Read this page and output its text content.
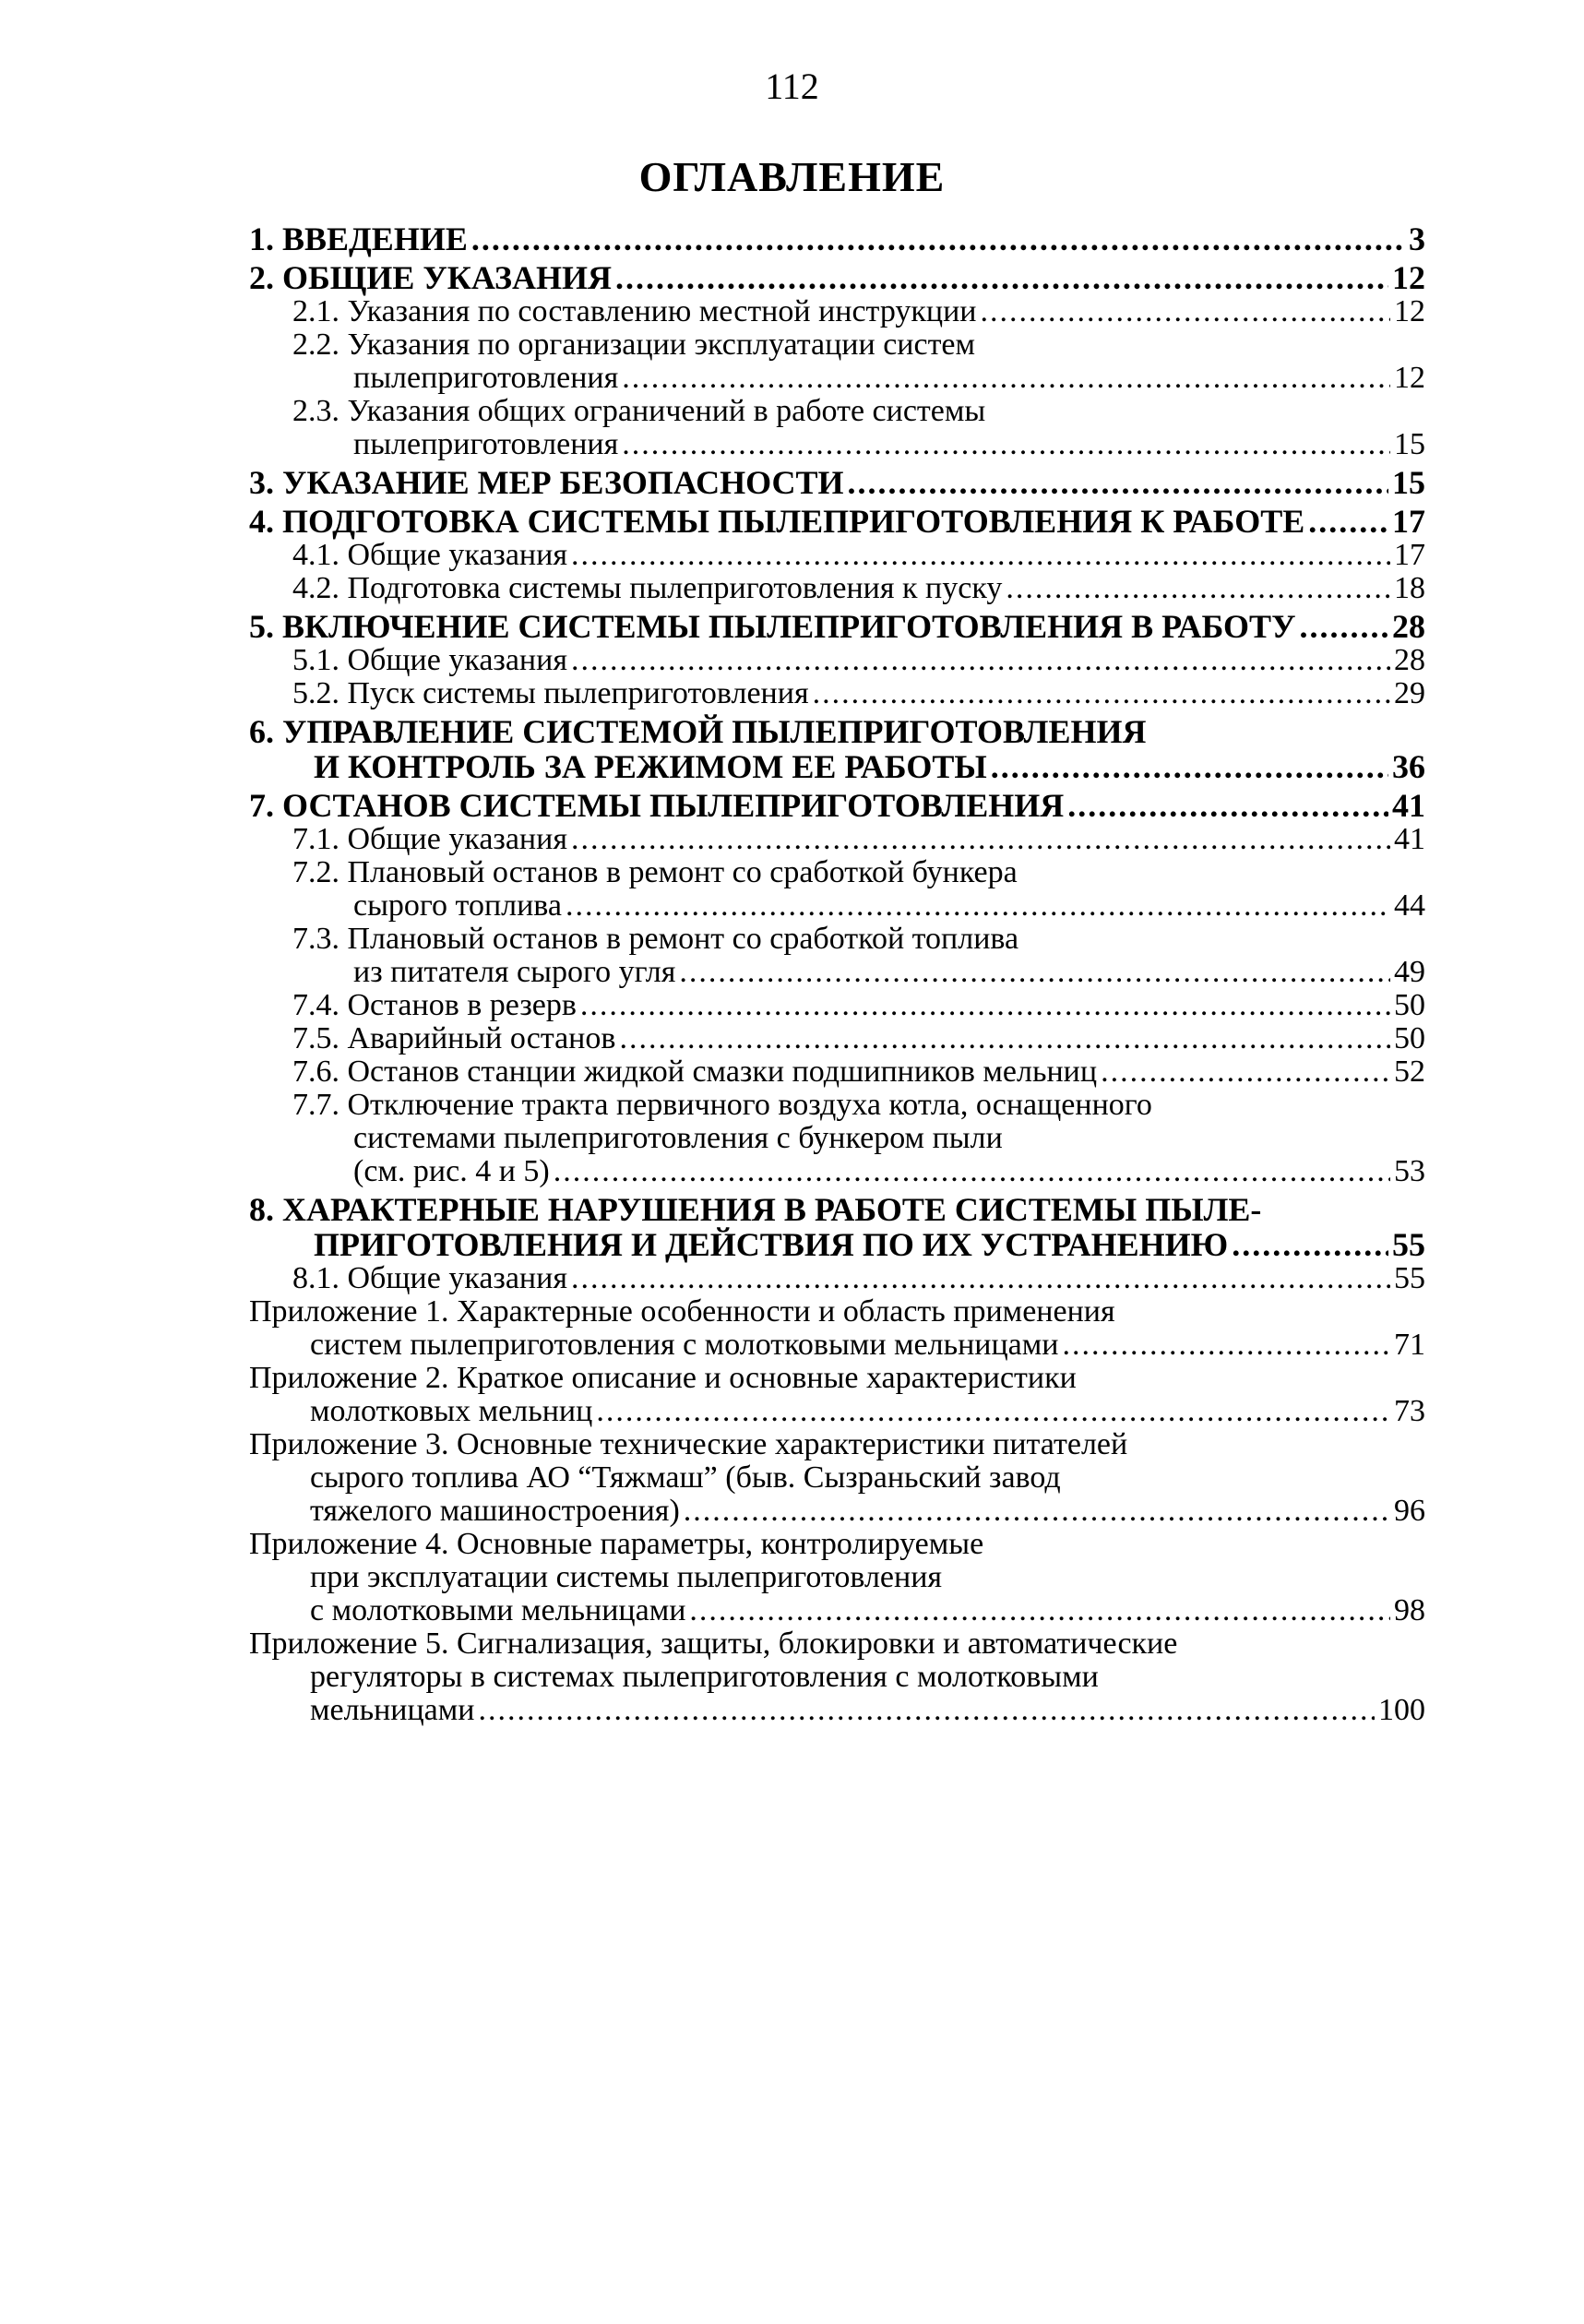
112
ОГЛАВЛЕНИЕ
1. ВВЕДЕНИЕ .....	3
2. ОБЩИЕ УКАЗАНИЯ .....	12
2.1. Указания по составлению местной инструкции .....	12
2.2. Указания по организации эксплуатации систем
пылеприготовления .....	12
2.3. Указания общих ограничений в работе системы
пылеприготовления .....	15
3. УКАЗАНИЕ МЕР БЕЗОПАСНОСТИ .....	15
4. ПОДГОТОВКА СИСТЕМЫ ПЫЛЕПРИГОТОВЛЕНИЯ К РАБОТЕ .....	17
4.1. Общие указания .....	17
4.2. Подготовка системы пылеприготовления к пуску .....	18
5. ВКЛЮЧЕНИЕ СИСТЕМЫ ПЫЛЕПРИГОТОВЛЕНИЯ В РАБОТУ .....	28
5.1. Общие указания .....	28
5.2. Пуск системы пылеприготовления .....	29
6. УПРАВЛЕНИЕ СИСТЕМОЙ ПЫЛЕПРИГОТОВЛЕНИЯ
И КОНТРОЛЬ ЗА РЕЖИМОМ ЕЕ РАБОТЫ .....	36
7. ОСТАНОВ СИСТЕМЫ ПЫЛЕПРИГОТОВЛЕНИЯ .....	41
7.1. Общие указания .....	41
7.2. Плановый останов в ремонт со сработкой бункера
сырого топлива .....	44
7.3. Плановый останов в ремонт со сработкой топлива
из питателя сырого угля .....	49
7.4. Останов в резерв .....	50
7.5. Аварийный останов .....	50
7.6. Останов станции жидкой смазки подшипников мельниц .....	52
7.7. Отключение тракта первичного воздуха котла, оснащенного
системами пылеприготовления с бункером пыли
(см. рис. 4 и 5) .....	53
8. ХАРАКТЕРНЫЕ НАРУШЕНИЯ В РАБОТЕ СИСТЕМЫ ПЫЛЕ-
ПРИГОТОВЛЕНИЯ И ДЕЙСТВИЯ ПО ИХ УСТРАНЕНИЮ .....	55
8.1. Общие указания .....	55
Приложение 1. Характерные особенности и область применения
систем пылеприготовления с молотковыми мельницами .....	71
Приложение 2. Краткое описание и основные характеристики
молотковых мельниц .....	73
Приложение 3. Основные технические характеристики питателей
сырого топлива АО “Тяжмаш” (быв. Сызраньский завод
тяжелого машиностроения) .....	96
Приложение 4. Основные параметры, контролируемые
при эксплуатации системы пылеприготовления
с молотковыми мельницами .....	98
Приложение 5. Сигнализация, защиты, блокировки и автоматические
регуляторы в системах пылеприготовления с молотковыми
мельницами .....	100
